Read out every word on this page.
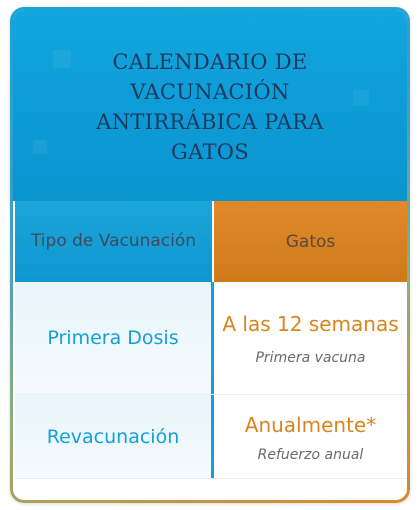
CALENDARIO DE VACUNACIÓN ANTIRRÁBICA PARA GATOS
Tipo de Vacunación	Gatos
Primera Dosis
A las 12 semanas
Primera vacuna
Revacunación	Anualmente*
Refuerzo anual
